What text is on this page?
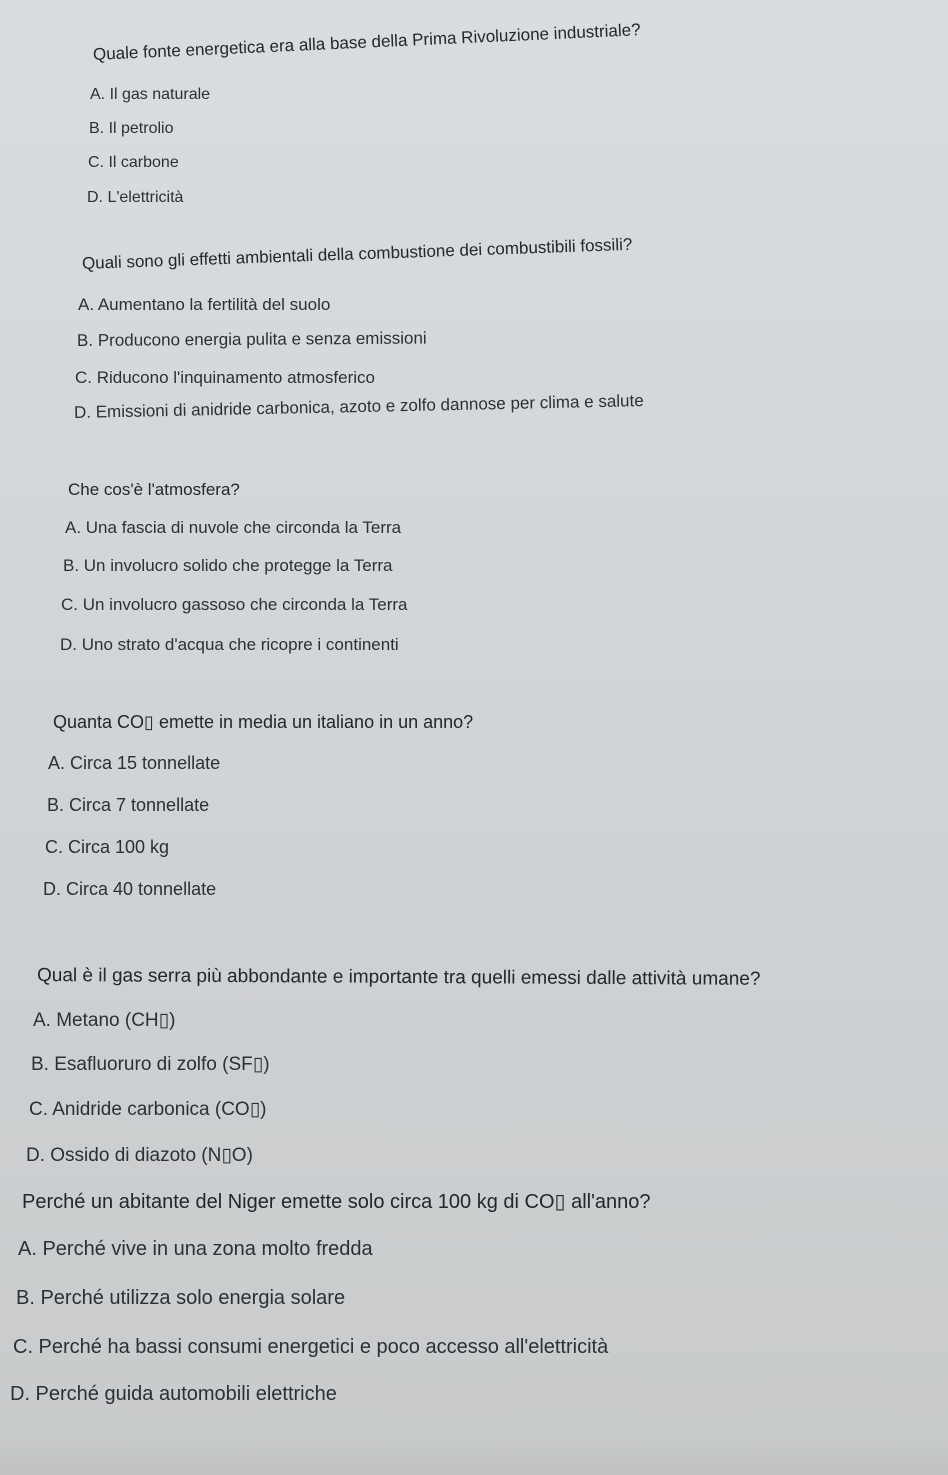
Quale fonte energetica era alla base della Prima Rivoluzione industriale?
A. Il gas naturale
B. Il petrolio
C. Il carbone
D. L'elettricità
Quali sono gli effetti ambientali della combustione dei combustibili fossili?
A. Aumentano la fertilità del suolo
B. Producono energia pulita e senza emissioni
C. Riducono l'inquinamento atmosferico
D. Emissioni di anidride carbonica, azoto e zolfo dannose per clima e salute
Che cos'è l'atmosfera?
A. Una fascia di nuvole che circonda la Terra
B. Un involucro solido che protegge la Terra
C. Un involucro gassoso che circonda la Terra
D. Uno strato d'acqua che ricopre i continenti
Quanta CO▯ emette in media un italiano in un anno?
A. Circa 15 tonnellate
B. Circa 7 tonnellate
C. Circa 100 kg
D. Circa 40 tonnellate
Qual è il gas serra più abbondante e importante tra quelli emessi dalle attività umane?
A. Metano (CH▯)
B. Esafluoruro di zolfo (SF▯)
C. Anidride carbonica (CO▯)
D. Ossido di diazoto (N▯O)
Perché un abitante del Niger emette solo circa 100 kg di CO▯ all'anno?
A. Perché vive in una zona molto fredda
B. Perché utilizza solo energia solare
C. Perché ha bassi consumi energetici e poco accesso all'elettricità
D. Perché guida automobili elettriche
